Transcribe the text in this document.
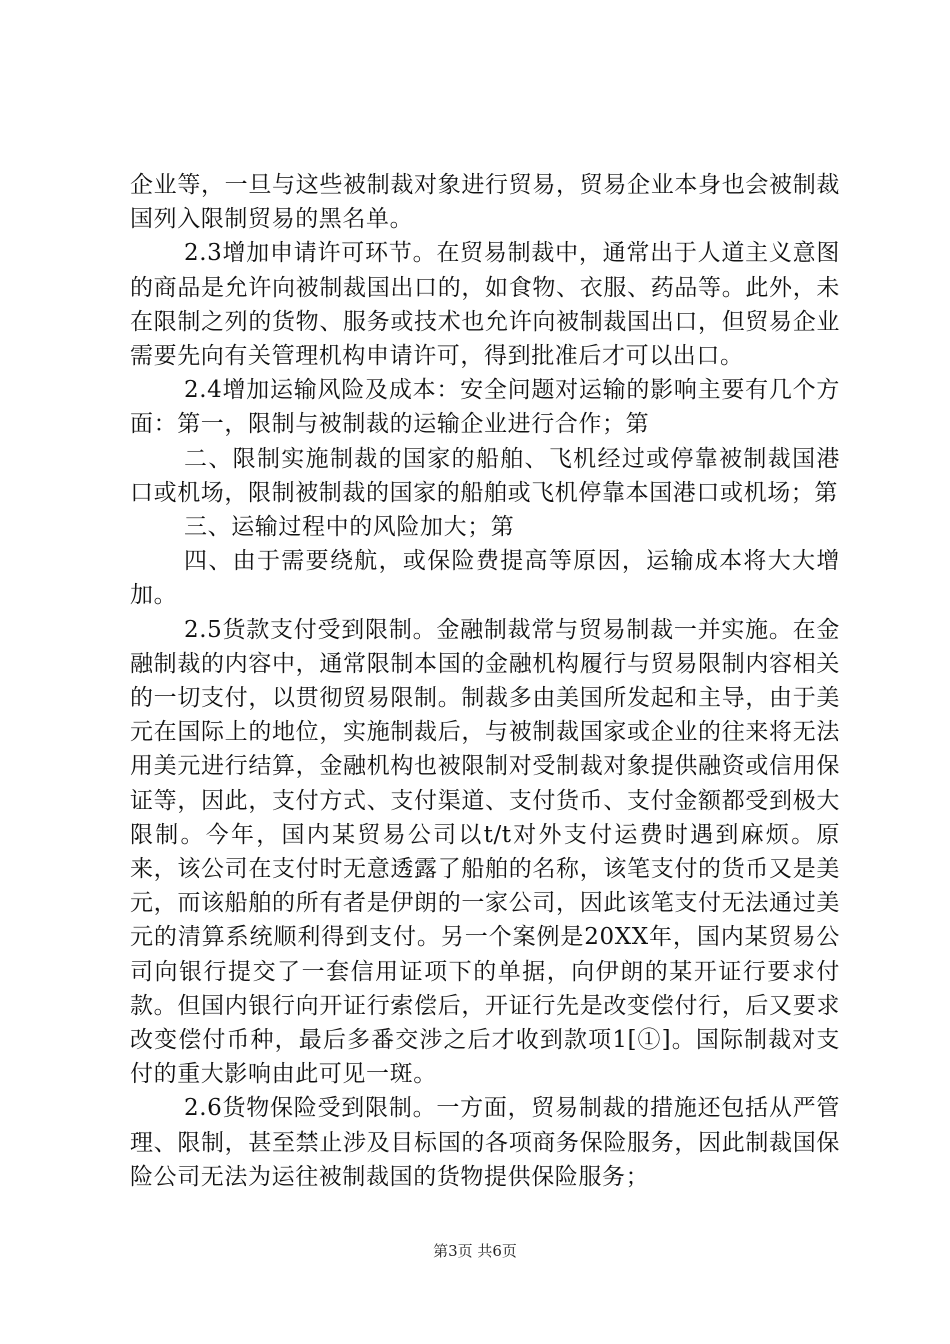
企业等，一旦与这些被制裁对象进行贸易，贸易企业本身也会被制裁国列入限制贸易的黑名单。

2.3增加申请许可环节。在贸易制裁中，通常出于人道主义意图的商品是允许向被制裁国出口的，如食物、衣服、药品等。此外，未在限制之列的货物、服务或技术也允许向被制裁国出口，但贸易企业需要先向有关管理机构申请许可，得到批准后才可以出口。

2.4增加运输风险及成本：安全问题对运输的影响主要有几个方面：第一，限制与被制裁的运输企业进行合作；第

二、限制实施制裁的国家的船舶、飞机经过或停靠被制裁国港口或机场，限制被制裁的国家的船舶或飞机停靠本国港口或机场；第

三、运输过程中的风险加大；第

四、由于需要绕航，或保险费提高等原因，运输成本将大大增加。

2.5货款支付受到限制。金融制裁常与贸易制裁一并实施。在金融制裁的内容中，通常限制本国的金融机构履行与贸易限制内容相关的一切支付，以贯彻贸易限制。制裁多由美国所发起和主导，由于美元在国际上的地位，实施制裁后，与被制裁国家或企业的往来将无法用美元进行结算，金融机构也被限制对受制裁对象提供融资或信用保证等，因此，支付方式、支付渠道、支付货币、支付金额都受到极大限制。今年，国内某贸易公司以t/t对外支付运费时遇到麻烦。原来，该公司在支付时无意透露了船舶的名称，该笔支付的货币又是美元，而该船舶的所有者是伊朗的一家公司，因此该笔支付无法通过美元的清算系统顺利得到支付。另一个案例是20XX年，国内某贸易公司向银行提交了一套信用证项下的单据，向伊朗的某开证行要求付款。但国内银行向开证行索偿后，开证行先是改变偿付行，后又要求改变偿付币种，最后多番交涉之后才收到款项1[①]。国际制裁对支付的重大影响由此可见一斑。

2.6货物保险受到限制。一方面，贸易制裁的措施还包括从严管理、限制，甚至禁止涉及目标国的各项商务保险服务，因此制裁国保险公司无法为运往被制裁国的货物提供保险服务；

第3页 共6页
